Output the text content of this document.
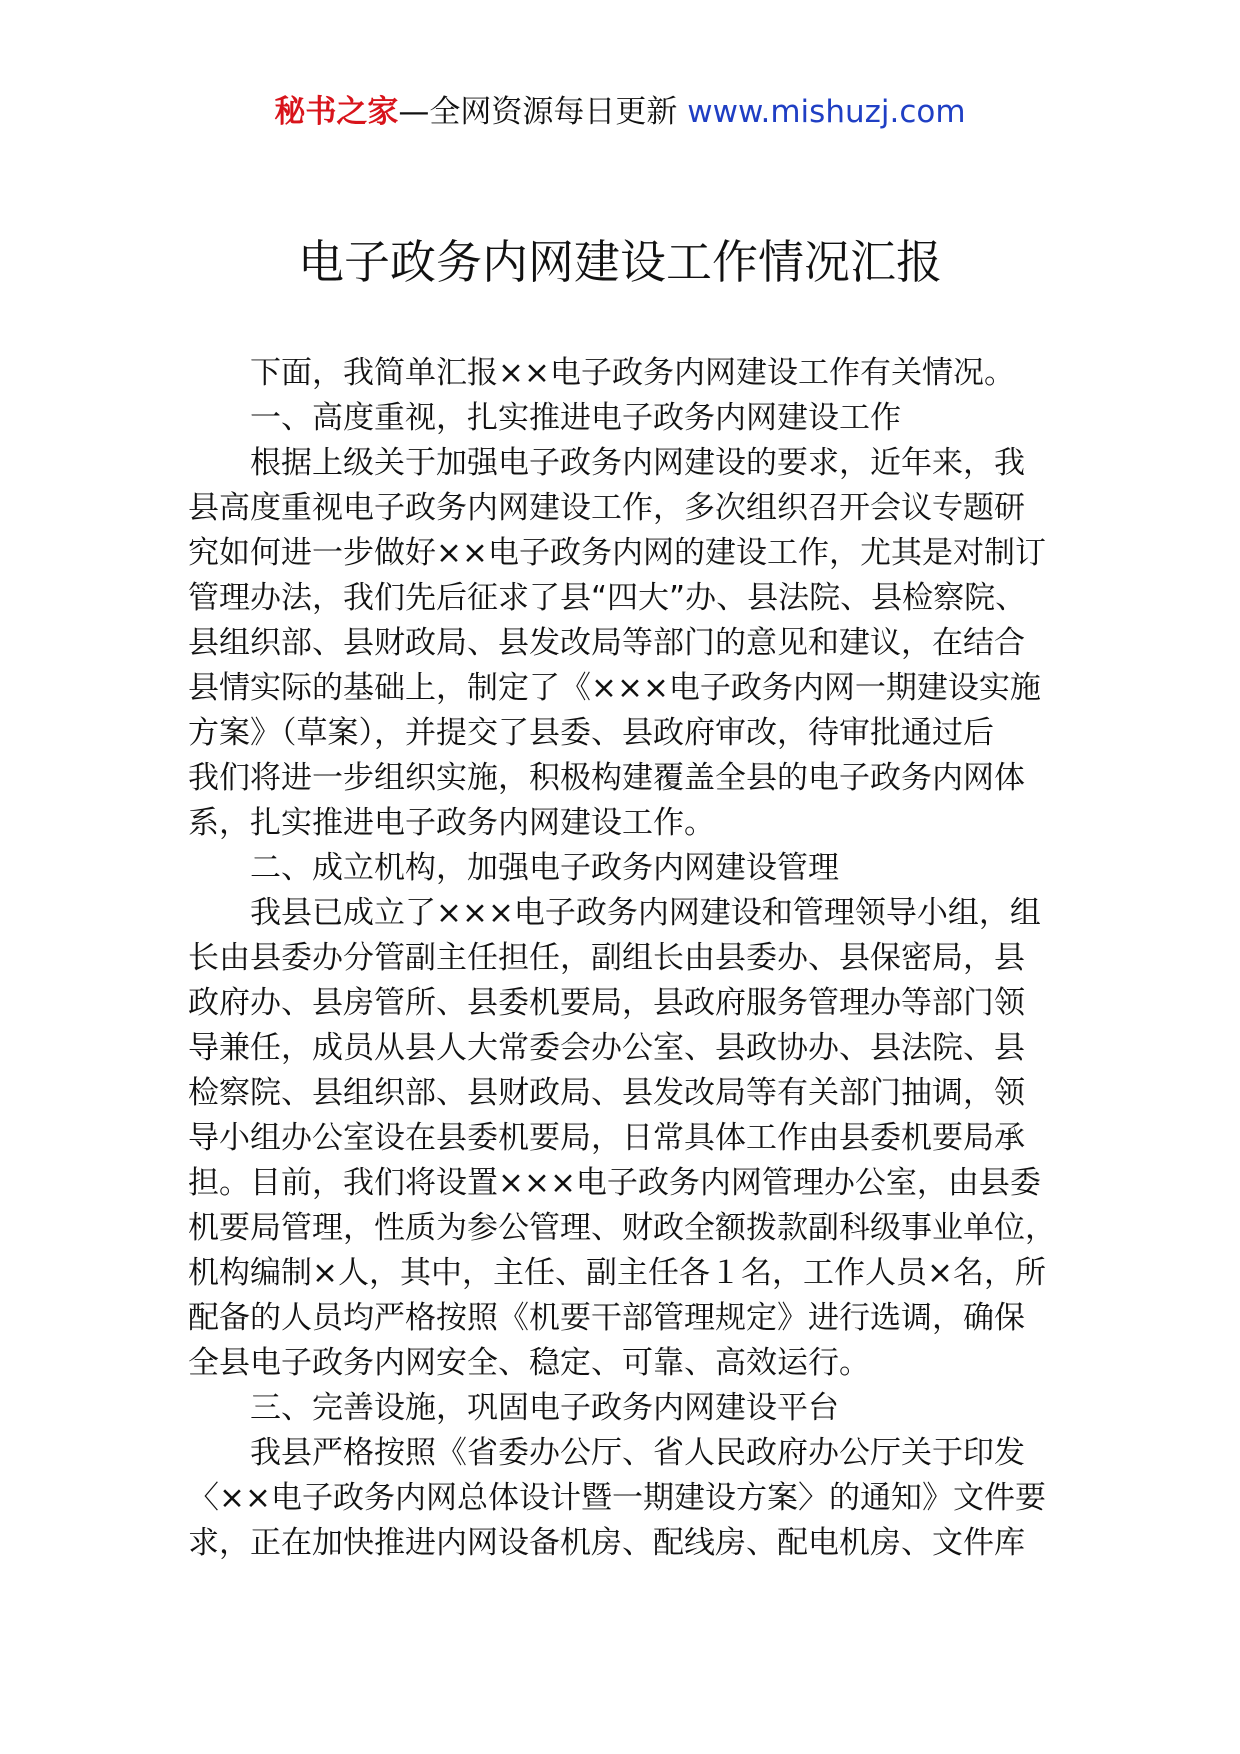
秘书之家—全网资源每日更新 www.mishuzj.com
电子政务内网建设工作情况汇报
下面，我简单汇报××电子政务内网建设工作有关情况。
一、高度重视，扎实推进电子政务内网建设工作
根据上级关于加强电子政务内网建设的要求，近年来，我
县高度重视电子政务内网建设工作，多次组织召开会议专题研
究如何进一步做好××电子政务内网的建设工作，尤其是对制订
管理办法，我们先后征求了县“四大”办、县法院、县检察院、
县组织部、县财政局、县发改局等部门的意见和建议，在结合
县情实际的基础上，制定了《×××电子政务内网一期建设实施
方案》（草案），并提交了县委、县政府审改，待审批通过后
我们将进一步组织实施，积极构建覆盖全县的电子政务内网体
系，扎实推进电子政务内网建设工作。
二、成立机构，加强电子政务内网建设管理
我县已成立了×××电子政务内网建设和管理领导小组，组
长由县委办分管副主任担任，副组长由县委办、县保密局，县
政府办、县房管所、县委机要局，县政府服务管理办等部门领
导兼任，成员从县人大常委会办公室、县政协办、县法院、县
检察院、县组织部、县财政局、县发改局等有关部门抽调，领
导小组办公室设在县委机要局，日常具体工作由县委机要局承
担。目前，我们将设置×××电子政务内网管理办公室，由县委
机要局管理，性质为参公管理、财政全额拨款副科级事业单位，
机构编制×人，其中，主任、副主任各１名，工作人员×名，所
配备的人员均严格按照《机要干部管理规定》进行选调，确保
全县电子政务内网安全、稳定、可靠、高效运行。
三、完善设施，巩固电子政务内网建设平台
我县严格按照《省委办公厅、省人民政府办公厅关于印发
〈××电子政务内网总体设计暨一期建设方案〉的通知》文件要
求，正在加快推进内网设备机房、配线房、配电机房、文件库
